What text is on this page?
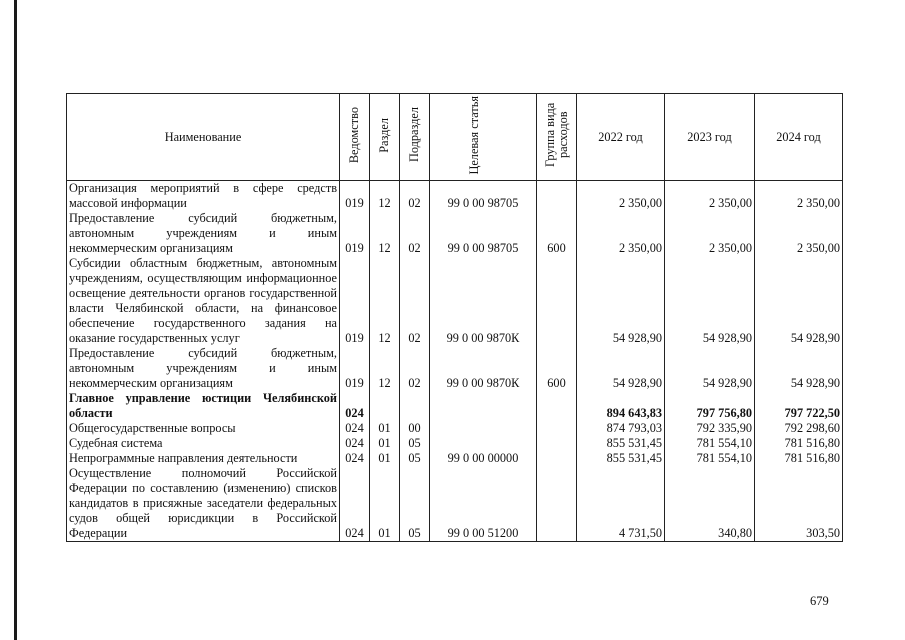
Наименование	Ведомство	Раздел	Подраздел	Целевая статья	Группа вида расходов	2022 год	2023 год	2024 год
Организация мероприятий в сфере средств массовой информации	019	12	02	99 0 00 98705		2 350,00	2 350,00	2 350,00
Предоставление субсидий бюджетным, автономным учреждениям и иным некоммерческим организациям	019	12	02	99 0 00 98705	600	2 350,00	2 350,00	2 350,00
Субсидии областным бюджетным, автономным учреждениям, осуществляющим информационное освещение деятельности органов государственной власти Челябинской области, на финансовое обеспечение государственного задания на оказание государственных услуг	019	12	02	99 0 00 9870К		54 928,90	54 928,90	54 928,90
Предоставление субсидий бюджетным, автономным учреждениям и иным некоммерческим организациям	019	12	02	99 0 00 9870К	600	54 928,90	54 928,90	54 928,90
Главное управление юстиции Челябинской области	024					894 643,83	797 756,80	797 722,50
Общегосударственные вопросы	024	01	00			874 793,03	792 335,90	792 298,60
Судебная система	024	01	05			855 531,45	781 554,10	781 516,80
Непрограммные направления деятельности	024	01	05	99 0 00 00000		855 531,45	781 554,10	781 516,80
Осуществление полномочий Российской Федерации по составлению (изменению) списков кандидатов в присяжные заседатели федеральных судов общей юрисдикции в Российской Федерации	024	01	05	99 0 00 51200		4 731,50	340,80	303,50
679
